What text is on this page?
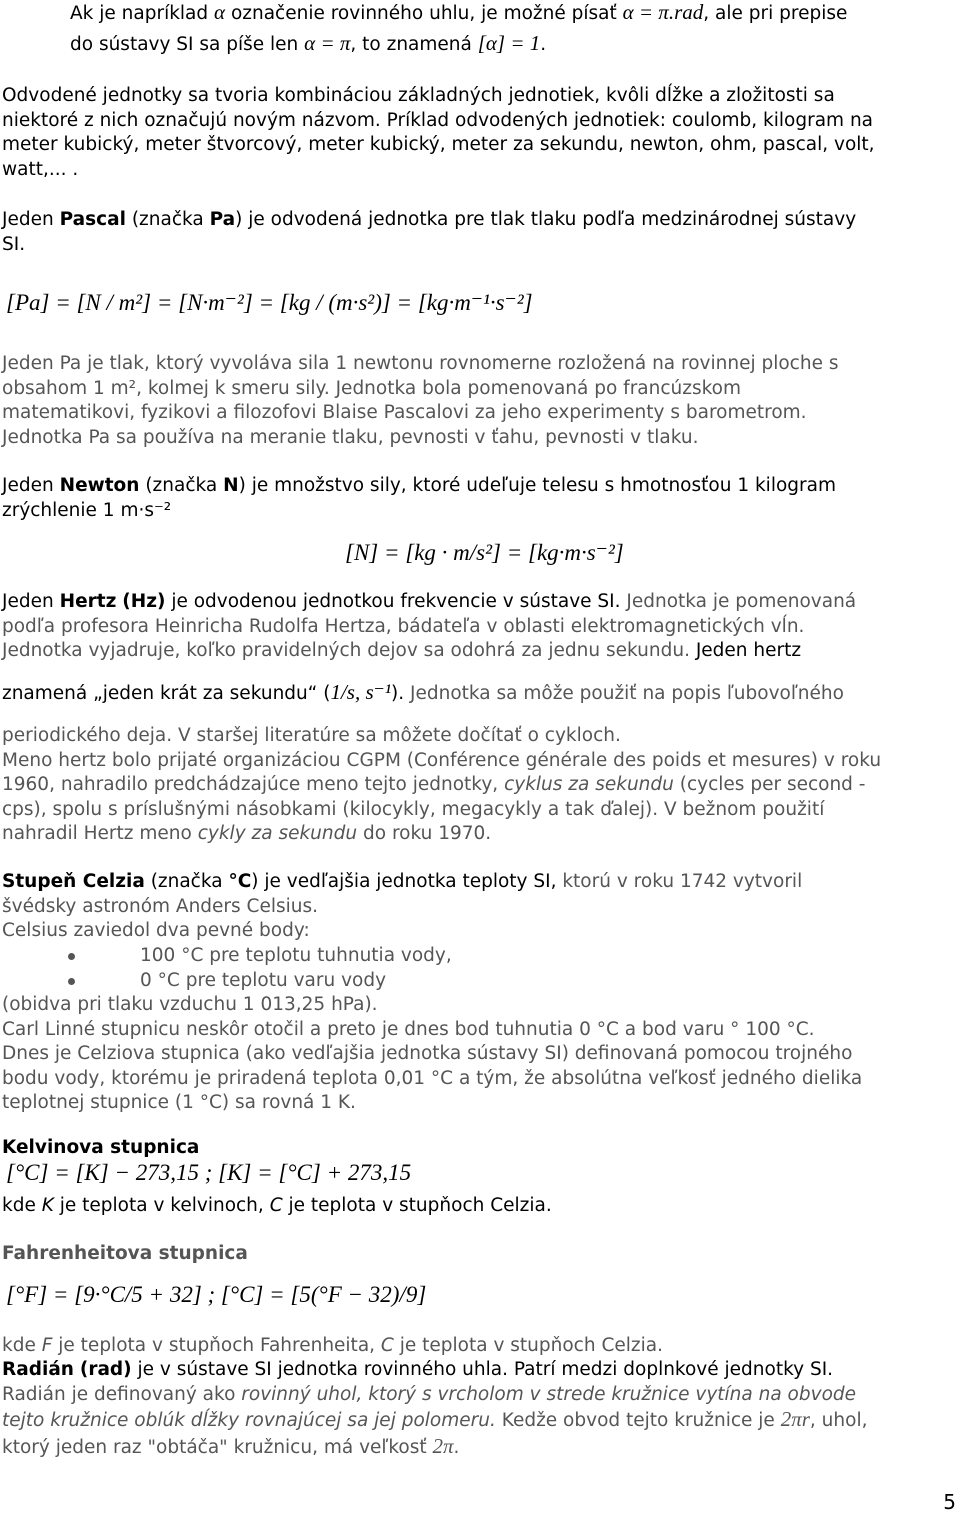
Ak je napríklad α označenie rovinného uhlu, je možné písať α = π.rad, ale pri prepise
do sústavy SI sa píše len α = π, to znamená [α] = 1.
Odvodené jednotky sa tvoria kombináciou základných jednotiek, kvôli dĺžke a zložitosti sa
niektoré z nich označujú novým názvom. Príklad odvodených jednotiek: coulomb, kilogram na
meter kubický, meter štvorcový, meter kubický, meter za sekundu, newton, ohm, pascal, volt,
watt,... .
Jeden Pascal (značka Pa) je odvodená jednotka pre tlak tlaku podľa medzinárodnej sústavy
SI.
[Pa] = [N / m²] = [N·m⁻²] = [kg / (m·s²)] = [kg·m⁻¹·s⁻²]
Jeden Pa je tlak, ktorý vyvoláva sila 1 newtonu rovnomerne rozložená na rovinnej ploche s
obsahom 1 m², kolmej k smeru sily. Jednotka bola pomenovaná po francúzskom
matematikovi, fyzikovi a filozofovi Blaise Pascalovi za jeho experimenty s barometrom.
Jednotka Pa sa používa na meranie tlaku, pevnosti v ťahu, pevnosti v tlaku.
Jeden Newton (značka N) je množstvo sily, ktoré udeľuje telesu s hmotnosťou 1 kilogram
zrýchlenie 1 m·s⁻²
[N] = [kg · m/s²] = [kg·m·s⁻²]
Jeden Hertz (Hz) je odvodenou jednotkou frekvencie v sústave SI. Jednotka je pomenovaná
podľa profesora Heinricha Rudolfa Hertza, bádateľa v oblasti elektromagnetických vĺn.
Jednotka vyjadruje, koľko pravidelných dejov sa odohrá za jednu sekundu. Jeden hertz
znamená „jeden krát za sekundu“ (1/s, s⁻¹). Jednotka sa môže použiť na popis ľubovoľného
periodického deja. V staršej literatúre sa môžete dočítať o cykloch.
Meno hertz bolo prijaté organizáciou CGPM (Conférence générale des poids et mesures) v roku
1960, nahradilo predchádzajúce meno tejto jednotky, cyklus za sekundu (cycles per second -
cps), spolu s príslušnými násobkami (kilocykly, megacykly a tak ďalej). V bežnom použití
nahradil Hertz meno cykly za sekundu do roku 1970.
Stupeň Celzia (značka °C) je vedľajšia jednotka teploty SI, ktorú v roku 1742 vytvoril
švédsky astronóm Anders Celsius.
Celsius zaviedol dva pevné body:
100 °C pre teplotu tuhnutia vody,
0 °C pre teplotu varu vody
(obidva pri tlaku vzduchu 1 013,25 hPa).
Carl Linné stupnicu neskôr otočil a preto je dnes bod tuhnutia 0 °C a bod varu ° 100 °C.
Dnes je Celziova stupnica (ako vedľajšia jednotka sústavy SI) definovaná pomocou trojného
bodu vody, ktorému je priradená teplota 0,01 °C a tým, že absolútna veľkosť jedného dielika
teplotnej stupnice (1 °C) sa rovná 1 K.
Kelvinova stupnica
[°C] = [K] − 273,15 ; [K] = [°C] + 273,15
kde K je teplota v kelvinoch, C je teplota v stupňoch Celzia.
Fahrenheitova stupnica
[°F] = [9·°C/5 + 32] ; [°C] = [5(°F − 32)/9]
kde F je teplota v stupňoch Fahrenheita, C je teplota v stupňoch Celzia.
Radián (rad) je v sústave SI jednotka rovinného uhla. Patrí medzi doplnkové jednotky SI.
Radián je definovaný ako rovinný uhol, ktorý s vrcholom v strede kružnice vytína na obvode
tejto kružnice oblúk dĺžky rovnajúcej sa jej polomeru. Kedže obvod tejto kružnice je 2πr, uhol,
ktorý jeden raz "obtáča" kružnicu, má veľkosť 2π.
5
